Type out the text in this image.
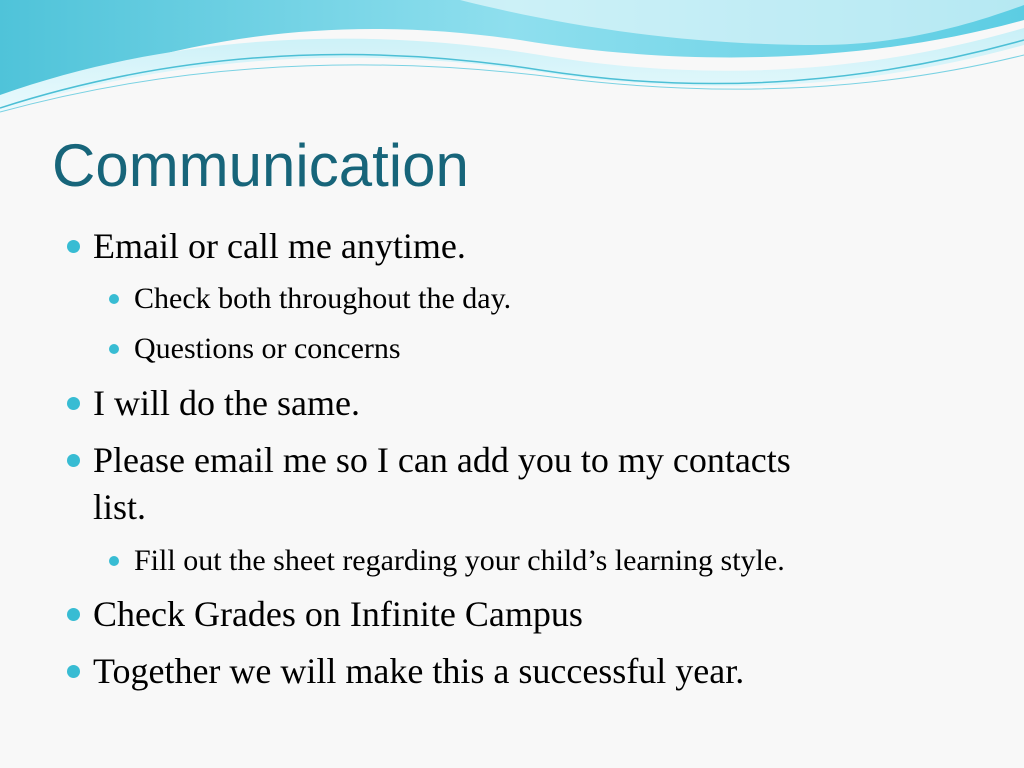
Communication
Email or call me anytime.
Check both throughout the day.
Questions or concerns
I will do the same.
Please email me so I can add you to my contacts
list.
Fill out the sheet regarding your child’s learning style.
Check Grades on Infinite Campus
Together we will make this a successful year.
